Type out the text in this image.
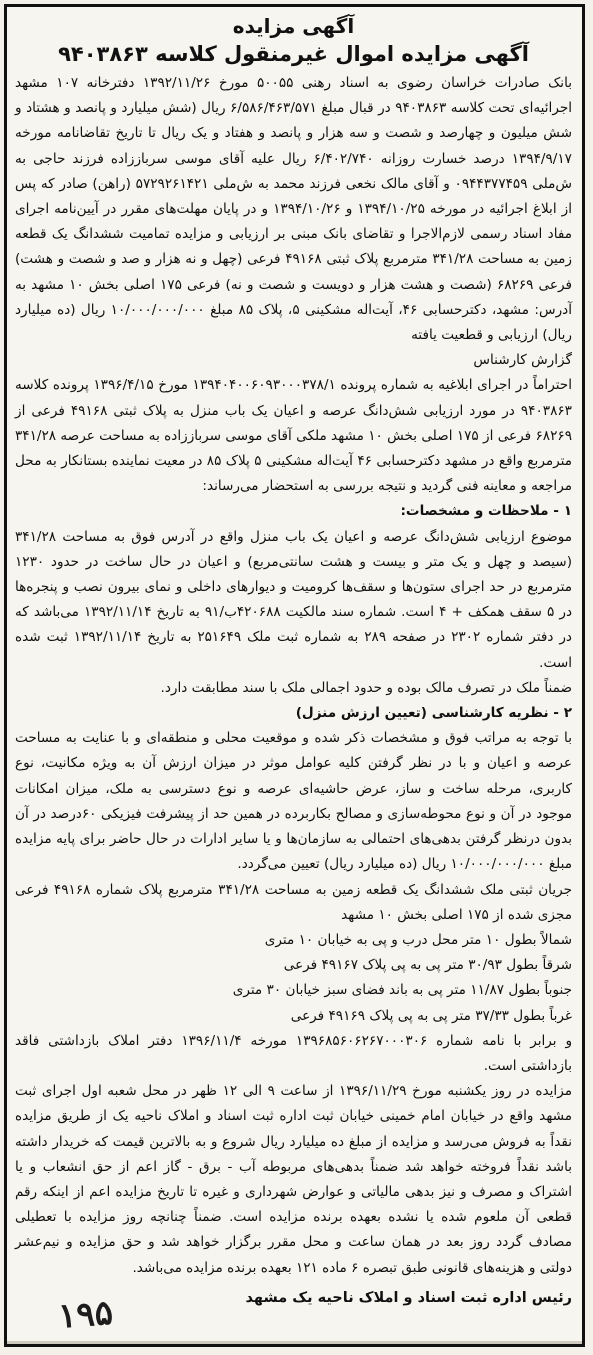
آگهی مزایده

آگهی مزایده اموال غیرمنقول کلاسه ۹۴۰۳۸۶۳

بانک صادرات خراسان رضوی به اسناد رهنی ۵۰۰۵۵ مورخ ۱۳۹۲/۱۱/۲۶ دفترخانه ۱۰۷ مشهد اجرائیه‌ای تحت کلاسه ۹۴۰۳۸۶۳ در قبال مبلغ ۶/۵۸۶/۴۶۳/۵۷۱ ریال (شش میلیارد و پانصد و هشتاد و شش میلیون و چهارصد و شصت و سه هزار و پانصد و هفتاد و یک ریال تا تاریخ تقاضانامه مورخه ۱۳۹۴/۹/۱۷ درصد خسارت روزانه ۶/۴۰۲/۷۴۰ ریال علیه آقای موسی سرباززاده فرزند حاجی به ش‌ملی ۰۹۴۴۳۷۷۴۵۹ و آقای مالک نخعی فرزند محمد به ش‌ملی ۵۷۲۹۲۶۱۴۲۱ (راهن) صادر که پس از ابلاغ اجرائیه در مورخه ۱۳۹۴/۱۰/۲۵ و ۱۳۹۴/۱۰/۲۶ و در پایان مهلت‌های مقرر در آیین‌نامه اجرای مفاد اسناد رسمی لازم‌الاجرا و تقاضای بانک مبنی بر ارزیابی و مزایده تمامیت ششدانگ یک قطعه زمین به مساحت ۳۴۱/۲۸ مترمربع پلاک ثبتی ۴۹۱۶۸ فرعی (چهل و نه هزار و صد و شصت و هشت) فرعی ۶۸۲۶۹ (شصت و هشت هزار و دویست و شصت و نه) فرعی ۱۷۵ اصلی بخش ۱۰ مشهد به آدرس: مشهد، دکترحسابی ۴۶، آیت‌اله مشکینی ۵، پلاک ۸۵ مبلغ ۱۰/۰۰۰/۰۰۰/۰۰۰ ریال (ده میلیارد ریال) ارزیابی و قطعیت یافته

گزارش کارشناس

احتراماً در اجرای ابلاغیه به شماره پرونده ۱۳۹۴۰۴۰۰۶۰۹۳۰۰۰۳۷۸/۱ مورخ ۱۳۹۶/۴/۱۵ پرونده کلاسه ۹۴۰۳۸۶۳ در مورد ارزیابی شش‌دانگ عرصه و اعیان یک باب منزل به پلاک ثبتی ۴۹۱۶۸ فرعی از ۶۸۲۶۹ فرعی از ۱۷۵ اصلی بخش ۱۰ مشهد ملکی آقای موسی سرباززاده به مساحت عرصه ۳۴۱/۲۸ مترمربع واقع در مشهد دکترحسابی ۴۶ آیت‌اله مشکینی ۵ پلاک ۸۵ در معیت نماینده بستانکار به محل مراجعه و معاینه فنی گردید و نتیجه بررسی به استحضار می‌رساند:

۱ - ملاحظات و مشخصات:

موضوع ارزیابی شش‌دانگ عرصه و اعیان یک باب منزل واقع در آدرس فوق به مساحت ۳۴۱/۲۸ (سیصد و چهل و یک متر و بیست و هشت سانتی‌مربع) و اعیان در حال ساخت در حدود ۱۲۳۰ مترمربع در حد اجرای ستون‌ها و سقف‌ها کرومیت و دیوارهای داخلی و نمای بیرون نصب و پنجره‌ها در ۵ سقف همکف + ۴ است. شماره سند مالکیت ۴۲۰۶۸۸ب/۹۱ به تاریخ ۱۳۹۲/۱۱/۱۴ می‌باشد که در دفتر شماره ۲۳۰۲ در صفحه ۲۸۹ به شماره ثبت ملک ۲۵۱۶۴۹ به تاریخ ۱۳۹۲/۱۱/۱۴ ثبت شده است.

ضمناً ملک در تصرف مالک بوده و حدود اجمالی ملک با سند مطابقت دارد.

۲ - نظریه کارشناسی (تعیین ارزش منزل)

با توجه به مراتب فوق و مشخصات ذکر شده و موقعیت محلی و منطقه‌ای و با عنایت به مساحت عرصه و اعیان و با در نظر گرفتن کلیه عوامل موثر در میزان ارزش آن به ویژه مکانیت، نوع کاربری، مرحله ساخت و ساز، عرض حاشیه‌ای عرصه و نوع دسترسی به ملک، میزان امکانات موجود در آن و نوع محوطه‌سازی و مصالح بکاربرده در همین حد از پیشرفت فیزیکی ۶۰درصد در آن بدون درنظر گرفتن بدهی‌های احتمالی به سازمان‌ها و یا سایر ادارات در حال حاضر برای پایه مزایده مبلغ ۱۰/۰۰۰/۰۰۰/۰۰۰ ریال (ده میلیارد ریال) تعیین می‌گردد.

جریان ثبتی ملک ششدانگ یک قطعه زمین به مساحت ۳۴۱/۲۸ مترمربع پلاک شماره ۴۹۱۶۸ فرعی مجزی شده از ۱۷۵ اصلی بخش ۱۰ مشهد

شمالاً بطول ۱۰ متر محل درب و پی به خیابان ۱۰ متری

شرقاً بطول ۳۰/۹۳ متر پی به پی پلاک ۴۹۱۶۷ فرعی

جنوباً بطول ۱۱/۸۷ متر پی به باند فضای سبز خیابان ۳۰ متری

غرباً بطول ۳۷/۳۳ متر پی به پی پلاک ۴۹۱۶۹ فرعی

و برابر با نامه شماره ۱۳۹۶۸۵۶۰۶۲۶۷۰۰۰۳۰۶ مورخه ۱۳۹۶/۱۱/۴ دفتر املاک بازداشتی فاقد بازداشتی است.

مزایده در روز یکشنبه مورخ ۱۳۹۶/۱۱/۲۹ از ساعت ۹ الی ۱۲ ظهر در محل شعبه اول اجرای ثبت مشهد واقع در خیابان امام خمینی خیابان ثبت اداره ثبت اسناد و املاک ناحیه یک از طریق مزایده نقداً به فروش می‌رسد و مزایده از مبلغ ده میلیارد ریال شروع و به بالاترین قیمت که خریدار داشته باشد نقداً فروخته خواهد شد ضمناً بدهی‌های مربوطه آب - برق - گاز اعم از حق انشعاب و یا اشتراک و مصرف و نیز بدهی مالیاتی و عوارض شهرداری و غیره تا تاریخ مزایده اعم از اینکه رقم قطعی آن ملعوم شده یا نشده بعهده برنده مزایده است. ضمناً چنانچه روز مزایده با تعطیلی مصادف گردد روز بعد در همان ساعت و محل مقرر برگزار خواهد شد و حق مزایده و نیم‌عشر دولتی و هزینه‌های قانونی طبق تبصره ۶ ماده ۱۲۱ بعهده برنده مزایده می‌باشد.

رئیس اداره ثبت اسناد و املاک ناحیه یک مشهد

۱۹۵
